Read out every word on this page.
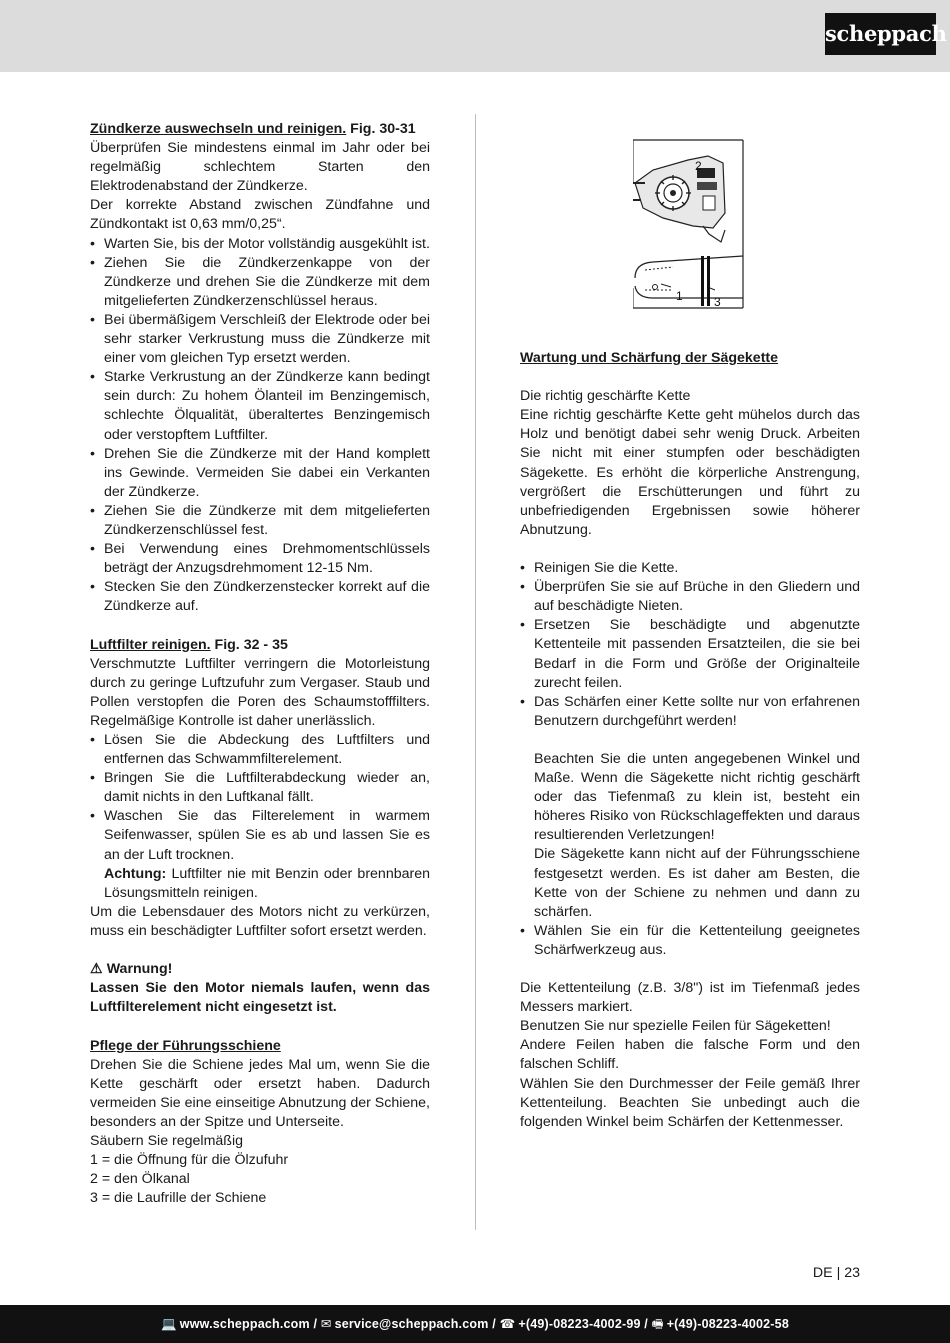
scheppach

Zündkerze auswechseln und reinigen. Fig. 30-31

Überprüfen Sie mindestens einmal im Jahr oder bei regelmäßig schlechtem Starten den Elektrodenabstand der Zündkerze.

Der korrekte Abstand zwischen Zündfahne und Zündkontakt ist 0,63 mm/0,25“.

• Warten Sie, bis der Motor vollständig ausgekühlt ist.
• Ziehen Sie die Zündkerzenkappe von der Zündkerze und drehen Sie die Zündkerze mit dem mitgelieferten Zündkerzenschlüssel heraus.
• Bei übermäßigem Verschleiß der Elektrode oder bei sehr starker Verkrustung muss die Zündkerze mit einer vom gleichen Typ ersetzt werden.
• Starke Verkrustung an der Zündkerze kann bedingt sein durch: Zu hohem Ölanteil im Benzingemisch, schlechte Ölqualität, überaltertes Benzingemisch oder verstopftem Luftfilter.
• Drehen Sie die Zündkerze mit der Hand komplett ins Gewinde. Vermeiden Sie dabei ein Verkanten der Zündkerze.
• Ziehen Sie die Zündkerze mit dem mitgelieferten Zündkerzenschlüssel fest.
• Bei Verwendung eines Drehmomentschlüssels beträgt der Anzugsdrehmoment 12-15 Nm.
• Stecken Sie den Zündkerzenstecker korrekt auf die Zündkerze auf.

Luftfilter reinigen. Fig. 32 - 35

Verschmutzte Luftfilter verringern die Motorleistung durch zu geringe Luftzufuhr zum Vergaser. Staub und Pollen verstopfen die Poren des Schaumstofffilters. Regelmäßige Kontrolle ist daher unerlässlich.

• Lösen Sie die Abdeckung des Luftfilters und entfernen das Schwammfilterelement.
• Bringen Sie die Luftfilterabdeckung wieder an, damit nichts in den Luftkanal fällt.
• Waschen Sie das Filterelement in warmem Seifenwasser, spülen Sie es ab und lassen Sie es an der Luft trocknen.

Achtung: Luftfilter nie mit Benzin oder brennbaren Lösungsmitteln reinigen.

Um die Lebensdauer des Motors nicht zu verkürzen, muss ein beschädigter Luftfilter sofort ersetzt werden.

⚠ Warnung!

Lassen Sie den Motor niemals laufen, wenn das Luftfilterelement nicht eingesetzt ist.

Pflege der Führungsschiene

Drehen Sie die Schiene jedes Mal um, wenn Sie die Kette geschärft oder ersetzt haben. Dadurch vermeiden Sie eine einseitige Abnutzung der Schiene, besonders an der Spitze und Unterseite.

Säubern Sie regelmäßig

1 = die Öffnung für die Ölzufuhr

2 = den Ölkanal

3 = die Laufrille der Schiene

2
1	3

Wartung und Schärfung der Sägekette

Die richtig geschärfte Kette

Eine richtig geschärfte Kette geht mühelos durch das Holz und benötigt dabei sehr wenig Druck. Arbeiten Sie nicht mit einer stumpfen oder beschädigten Sägekette. Es erhöht die körperliche Anstrengung, vergrößert die Erschütterungen und führt zu unbefriedigenden Ergebnissen sowie höherer Abnutzung.

• Reinigen Sie die Kette.
• Überprüfen Sie sie auf Brüche in den Gliedern und auf beschädigte Nieten.
• Ersetzen Sie beschädigte und abgenutzte Kettenteile mit passenden Ersatzteilen, die sie bei Bedarf in die Form und Größe der Originalteile zurecht feilen.
• Das Schärfen einer Kette sollte nur von erfahrenen Benutzern durchgeführt werden!

Beachten Sie die unten angegebenen Winkel und Maße. Wenn die Sägekette nicht richtig geschärft oder das Tiefenmaß zu klein ist, besteht ein höheres Risiko von Rückschlageffekten und daraus resultierenden Verletzungen!

Die Sägekette kann nicht auf der Führungsschiene festgesetzt werden. Es ist daher am Besten, die Kette von der Schiene zu nehmen und dann zu schärfen.

• Wählen Sie ein für die Kettenteilung geeignetes Schärfwerkzeug aus.

Die Kettenteilung (z.B. 3/8") ist im Tiefenmaß jedes Messers markiert.

Benutzen Sie nur spezielle Feilen für Sägeketten!

Andere Feilen haben die falsche Form und den falschen Schliff.

Wählen Sie den Durchmesser der Feile gemäß Ihrer Kettenteilung. Beachten Sie unbedingt auch die folgenden Winkel beim Schärfen der Kettenmesser.

DE | 23
💻 www.scheppach.com / ✉ service@scheppach.com / ☎ +(49)-08223-4002-99 / 🖷 +(49)-08223-4002-58
